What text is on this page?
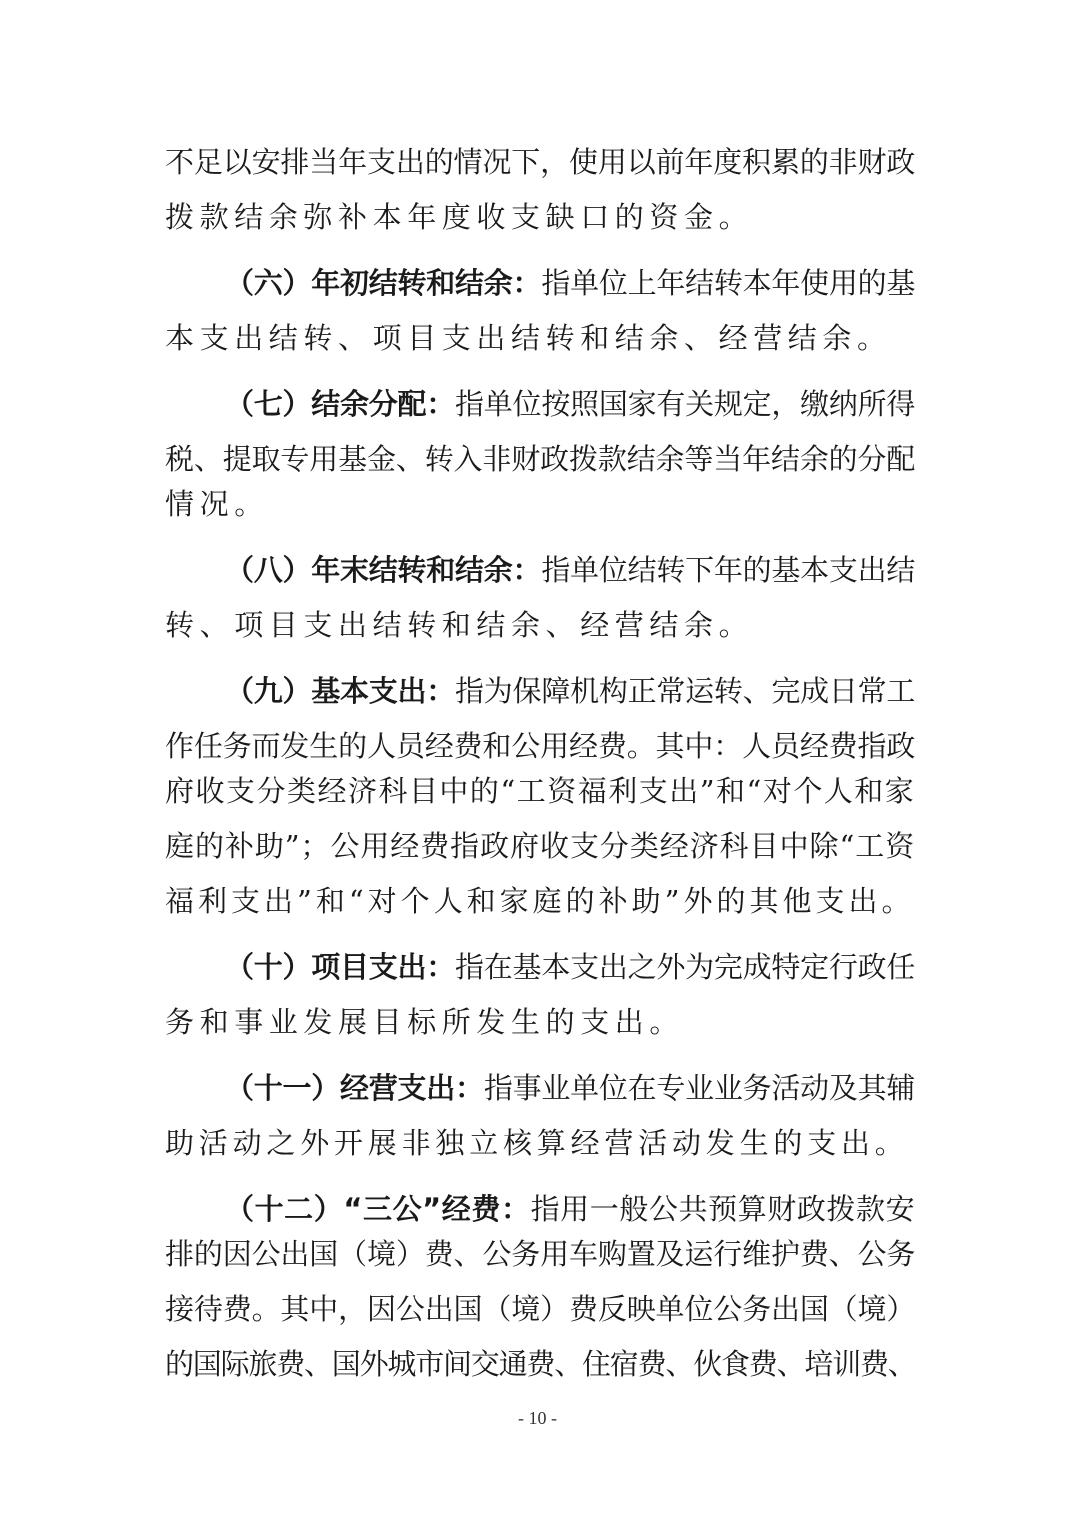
不足以安排当年支出的情况下，使用以前年度积累的非财政
拨款结余弥补本年度收支缺口的资金。
（六）年初结转和结余：指单位上年结转本年使用的基
本支出结转、项目支出结转和结余、经营结余。
（七）结余分配：指单位按照国家有关规定，缴纳所得
税、提取专用基金、转入非财政拨款结余等当年结余的分配
情况。
（八）年末结转和结余：指单位结转下年的基本支出结
转、项目支出结转和结余、经营结余。
（九）基本支出：指为保障机构正常运转、完成日常工
作任务而发生的人员经费和公用经费。其中：人员经费指政
府收支分类经济科目中的“工资福利支出”和“对个人和家
庭的补助”；公用经费指政府收支分类经济科目中除“工资
福利支出”和“对个人和家庭的补助”外的其他支出。
（十）项目支出：指在基本支出之外为完成特定行政任
务和事业发展目标所发生的支出。
（十一）经营支出：指事业单位在专业业务活动及其辅
助活动之外开展非独立核算经营活动发生的支出。
（十二）“三公”经费：指用一般公共预算财政拨款安
排的因公出国（境）费、公务用车购置及运行维护费、公务
接待费。其中，因公出国（境）费反映单位公务出国（境）
的国际旅费、国外城市间交通费、住宿费、伙食费、培训费、
- 10 -
